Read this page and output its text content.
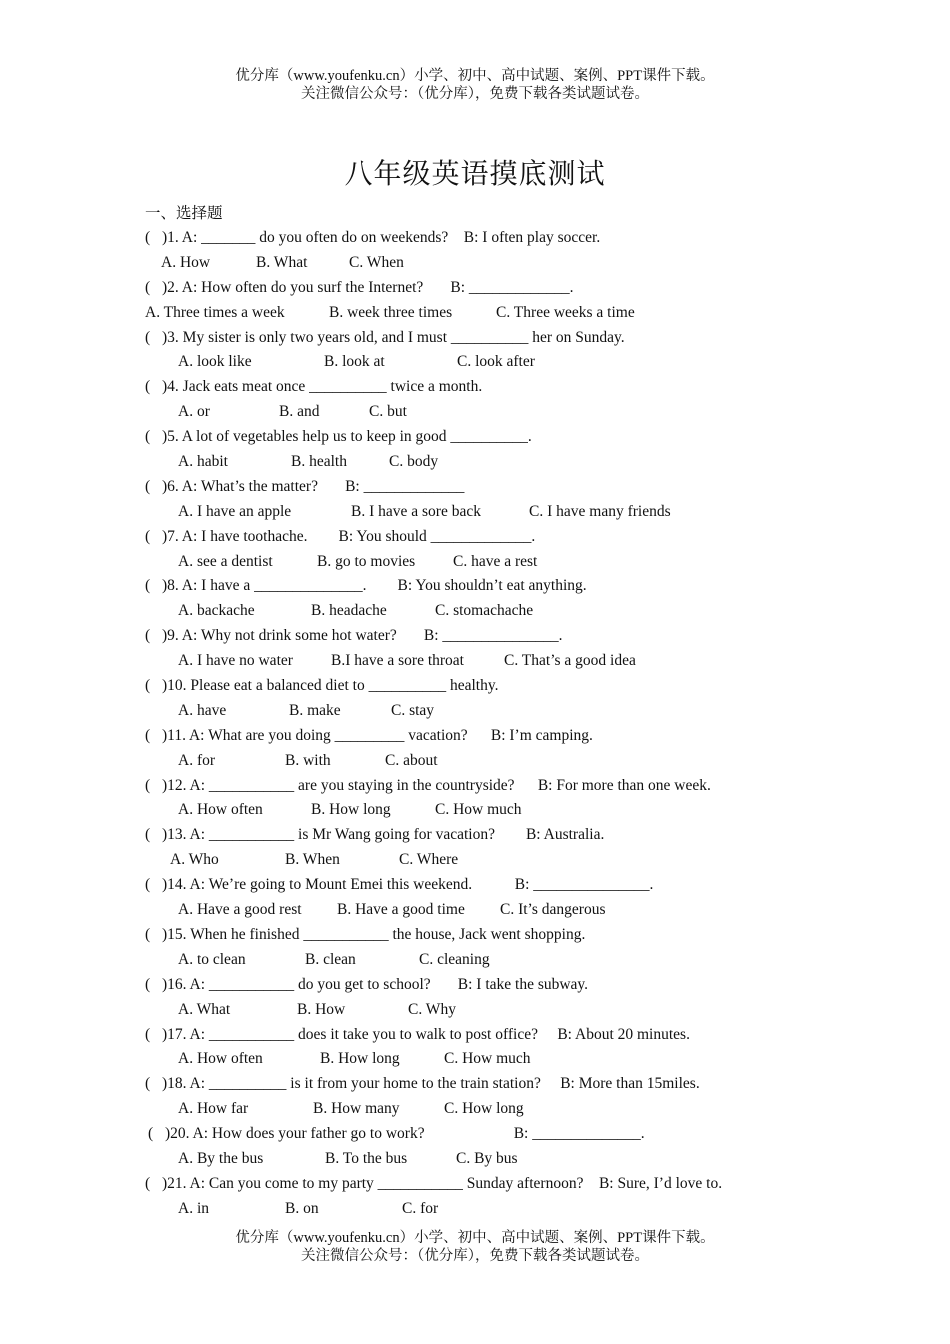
优分库（www.youfenku.cn）小学、初中、高中试题、案例、PPT课件下载。
关注微信公众号：（优分库），免费下载各类试题试卷。
八年级英语摸底测试
一、选择题
( )1. A: _______ do you often do on weekends?    B: I often play soccer.
A. How	B. What	C. When
( )2. A: How often do you surf the Internet?       B: _____________.
A. Three times a week	B. week three times	C. Three weeks a time
( )3. My sister is only two years old, and I must __________ her on Sunday.
A. look like	B. look at	C. look after
( )4. Jack eats meat once __________ twice a month.
A. or	B. and	C. but
( )5. A lot of vegetables help us to keep in good __________.
A. habit	B. health	C. body
( )6. A: What’s the matter?       B: _____________
A. I have an apple	B. I have a sore back	C. I have many friends
( )7. A: I have toothache.        B: You should _____________.
A. see a dentist	B. go to movies C. have a rest
( )8. A: I have a ______________.        B: You shouldn’t eat anything.
A. backache	B. headache	C. stomachache
( )9. A: Why not drink some hot water?       B: _______________.
A. I have no water B.I have a sore throat	C. That’s a good idea
( )10. Please eat a balanced diet to __________ healthy.
A. have	B. make	C. stay
( )11. A: What are you doing _________ vacation?      B: I’m camping.
A. for	B. with	C. about
( )12. A: ___________ are you staying in the countryside?      B: For more than one week.
A. How often	B. How long	C. How much
( )13. A: ___________ is Mr Wang going for vacation?        B: Australia.
A. Who	B. When	C. Where
( )14. A: We’re going to Mount Emei this weekend.           B: _______________.
A. Have a good rest B. Have a good time C. It’s dangerous
( )15. When he finished ___________ the house, Jack went shopping.
A. to clean	B. clean	C. cleaning
( )16. A: ___________ do you get to school?       B: I take the subway.
A. What	B. How	C. Why
( )17. A: ___________ does it take you to walk to post office?     B: About 20 minutes.
A. How often	B. How long	C. How much
( )18. A: __________ is it from your home to the train station?     B: More than 15miles.
A. How far	B. How many	C. How long
( )20. A: How does your father go to work?                       B: ______________.
A. By the bus	B. To the bus	C. By bus
( )21. A: Can you come to my party ___________ Sunday afternoon?    B: Sure, I’d love to.
A. in	B. on	C. for
优分库（www.youfenku.cn）小学、初中、高中试题、案例、PPT课件下载。
关注微信公众号：（优分库），免费下载各类试题试卷。
